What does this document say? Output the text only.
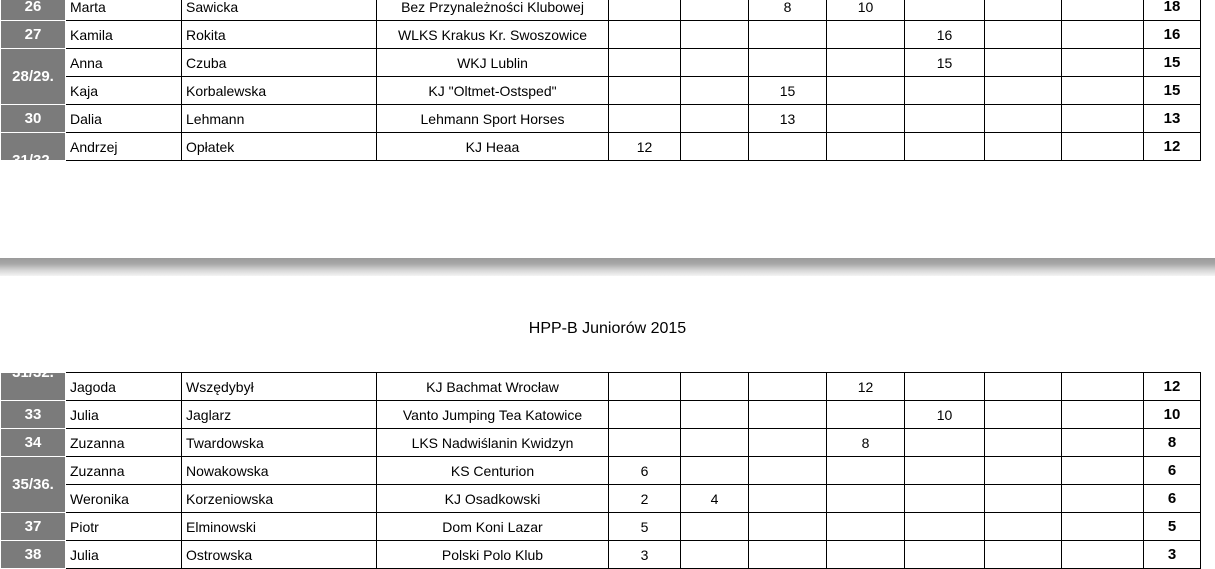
26	Marta	Sawicka	Bez Przynależności Klubowej			8	10				18
27	Kamila	Rokita	WLKS Krakus Kr. Swoszowice					16			16
28/29.	Anna	Czuba	WKJ Lublin					15			15
	Kaja	Korbalewska	KJ "Oltmet-Ostsped"			15					15
30	Dalia	Lehmann	Lehmann Sport Horses			13					13

31/32.	Andrzej	Opłatek	KJ Heaa	12							12
HPP-B Juniorów 2015
31/32.	Jagoda	Wszędybył	KJ Bachmat Wrocław				12				12
33	Julia	Jaglarz	Vanto Jumping Tea Katowice					10			10
34	Zuzanna	Twardowska	LKS Nadwiślanin Kwidzyn				8				8
35/36.	Zuzanna	Nowakowska	KS Centurion	6							6
	Weronika	Korzeniowska	KJ Osadkowski	2	4						6
37	Piotr	Elminowski	Dom Koni Lazar	5							5
38	Julia	Ostrowska	Polski Polo Klub	3							3
